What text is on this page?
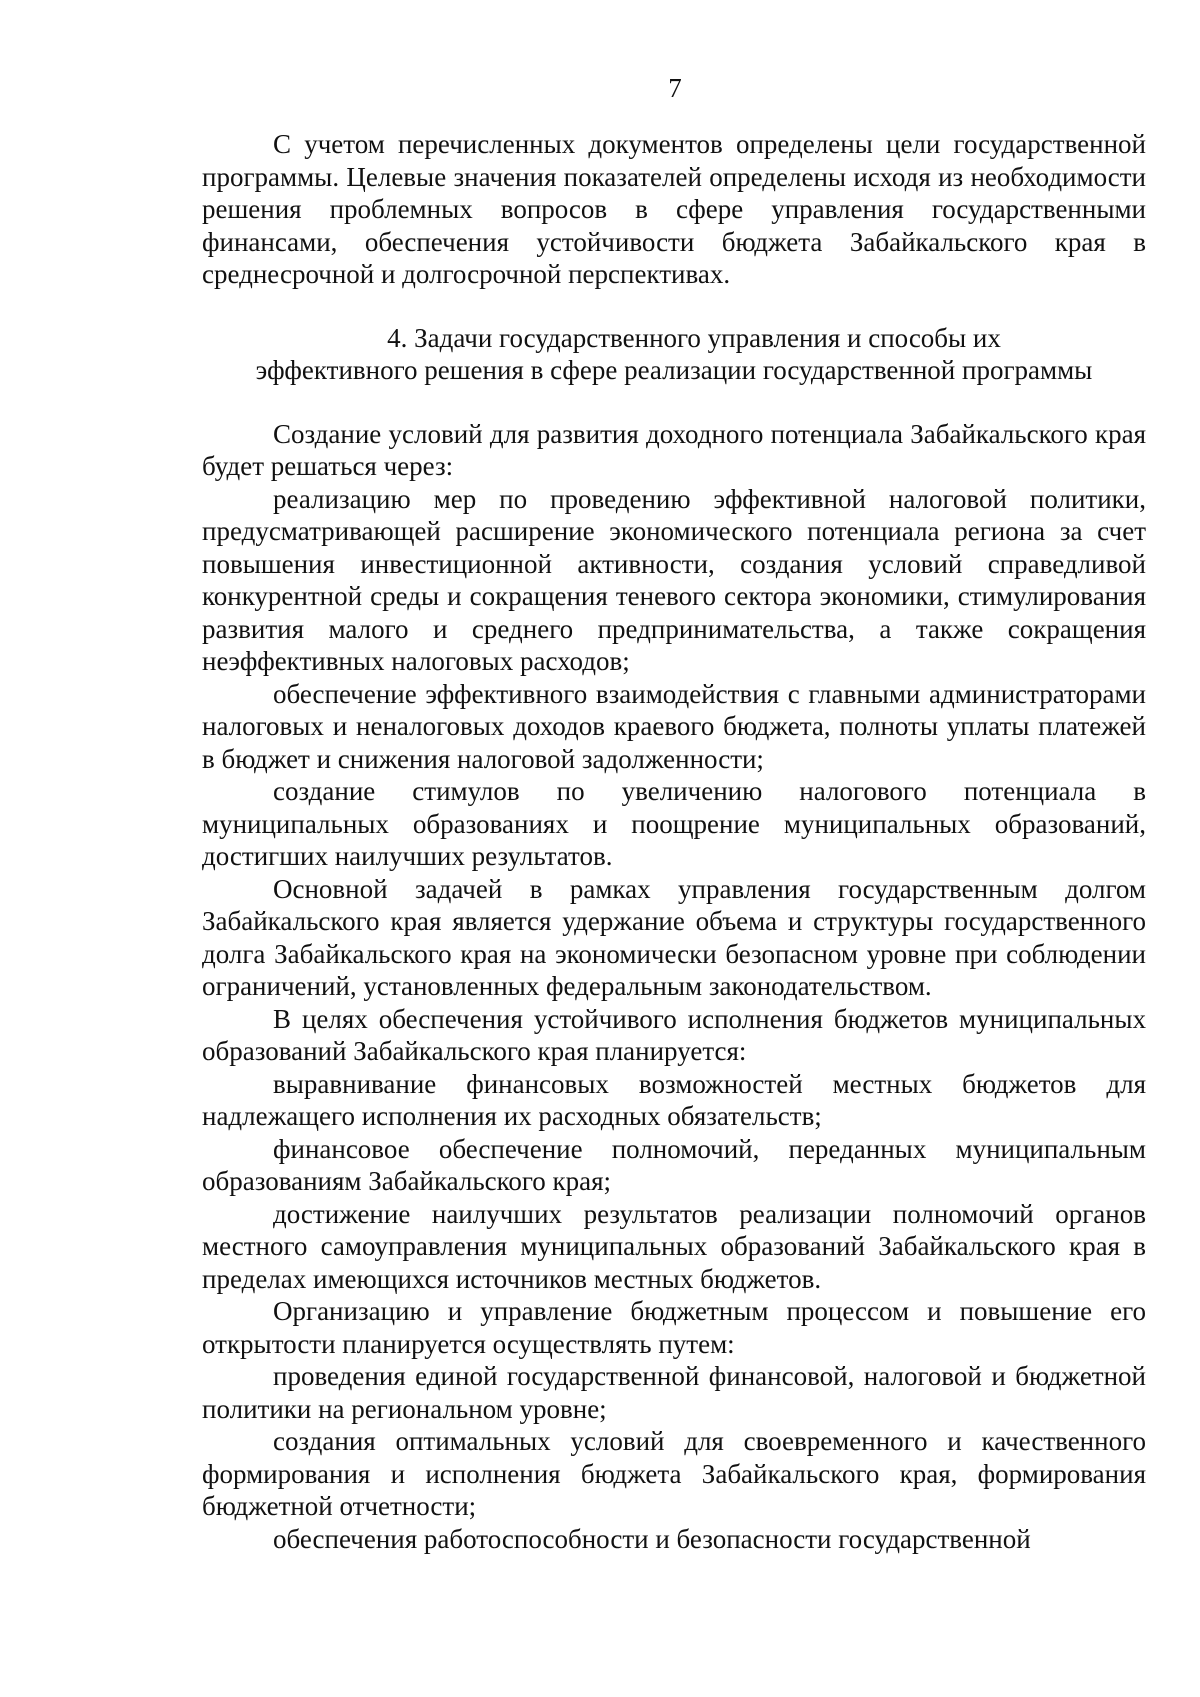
7

С учетом перечисленных документов определены цели государственной программы. Целевые значения показателей определены исходя из необходимости решения проблемных вопросов в сфере управления государственными финансами, обеспечения устойчивости бюджета Забайкальского края в среднесрочной и долгосрочной перспективах.

4. Задачи государственного управления и способы их
эффективного решения в сфере реализации государственной программы

Создание условий для развития доходного потенциала Забайкальского края будет решаться через:

реализацию мер по проведению эффективной налоговой политики, предусматривающей расширение экономического потенциала региона за счет повышения инвестиционной активности, создания условий справедливой конкурентной среды и сокращения теневого сектора экономики, стимулирования развития малого и среднего предпринимательства, а также сокращения неэффективных налоговых расходов;

обеспечение эффективного взаимодействия с главными администраторами налоговых и неналоговых доходов краевого бюджета, полноты уплаты платежей в бюджет и снижения налоговой задолженности;

создание стимулов по увеличению налогового потенциала в муниципальных образованиях и поощрение муниципальных образований, достигших наилучших результатов.

Основной задачей в рамках управления государственным долгом Забайкальского края является удержание объема и структуры государственного долга Забайкальского края на экономически безопасном уровне при соблюдении ограничений, установленных федеральным законодательством.

В целях обеспечения устойчивого исполнения бюджетов муниципальных образований Забайкальского края планируется:

выравнивание финансовых возможностей местных бюджетов для надлежащего исполнения их расходных обязательств;

финансовое обеспечение полномочий, переданных муниципальным образованиям Забайкальского края;

достижение наилучших результатов реализации полномочий органов местного самоуправления муниципальных образований Забайкальского края в пределах имеющихся источников местных бюджетов.

Организацию и управление бюджетным процессом и повышение его открытости планируется осуществлять путем:

проведения единой государственной финансовой, налоговой и бюджетной политики на региональном уровне;

создания оптимальных условий для своевременного и качественного формирования и исполнения бюджета Забайкальского края, формирования бюджетной отчетности;

обеспечения работоспособности и безопасности государственной
